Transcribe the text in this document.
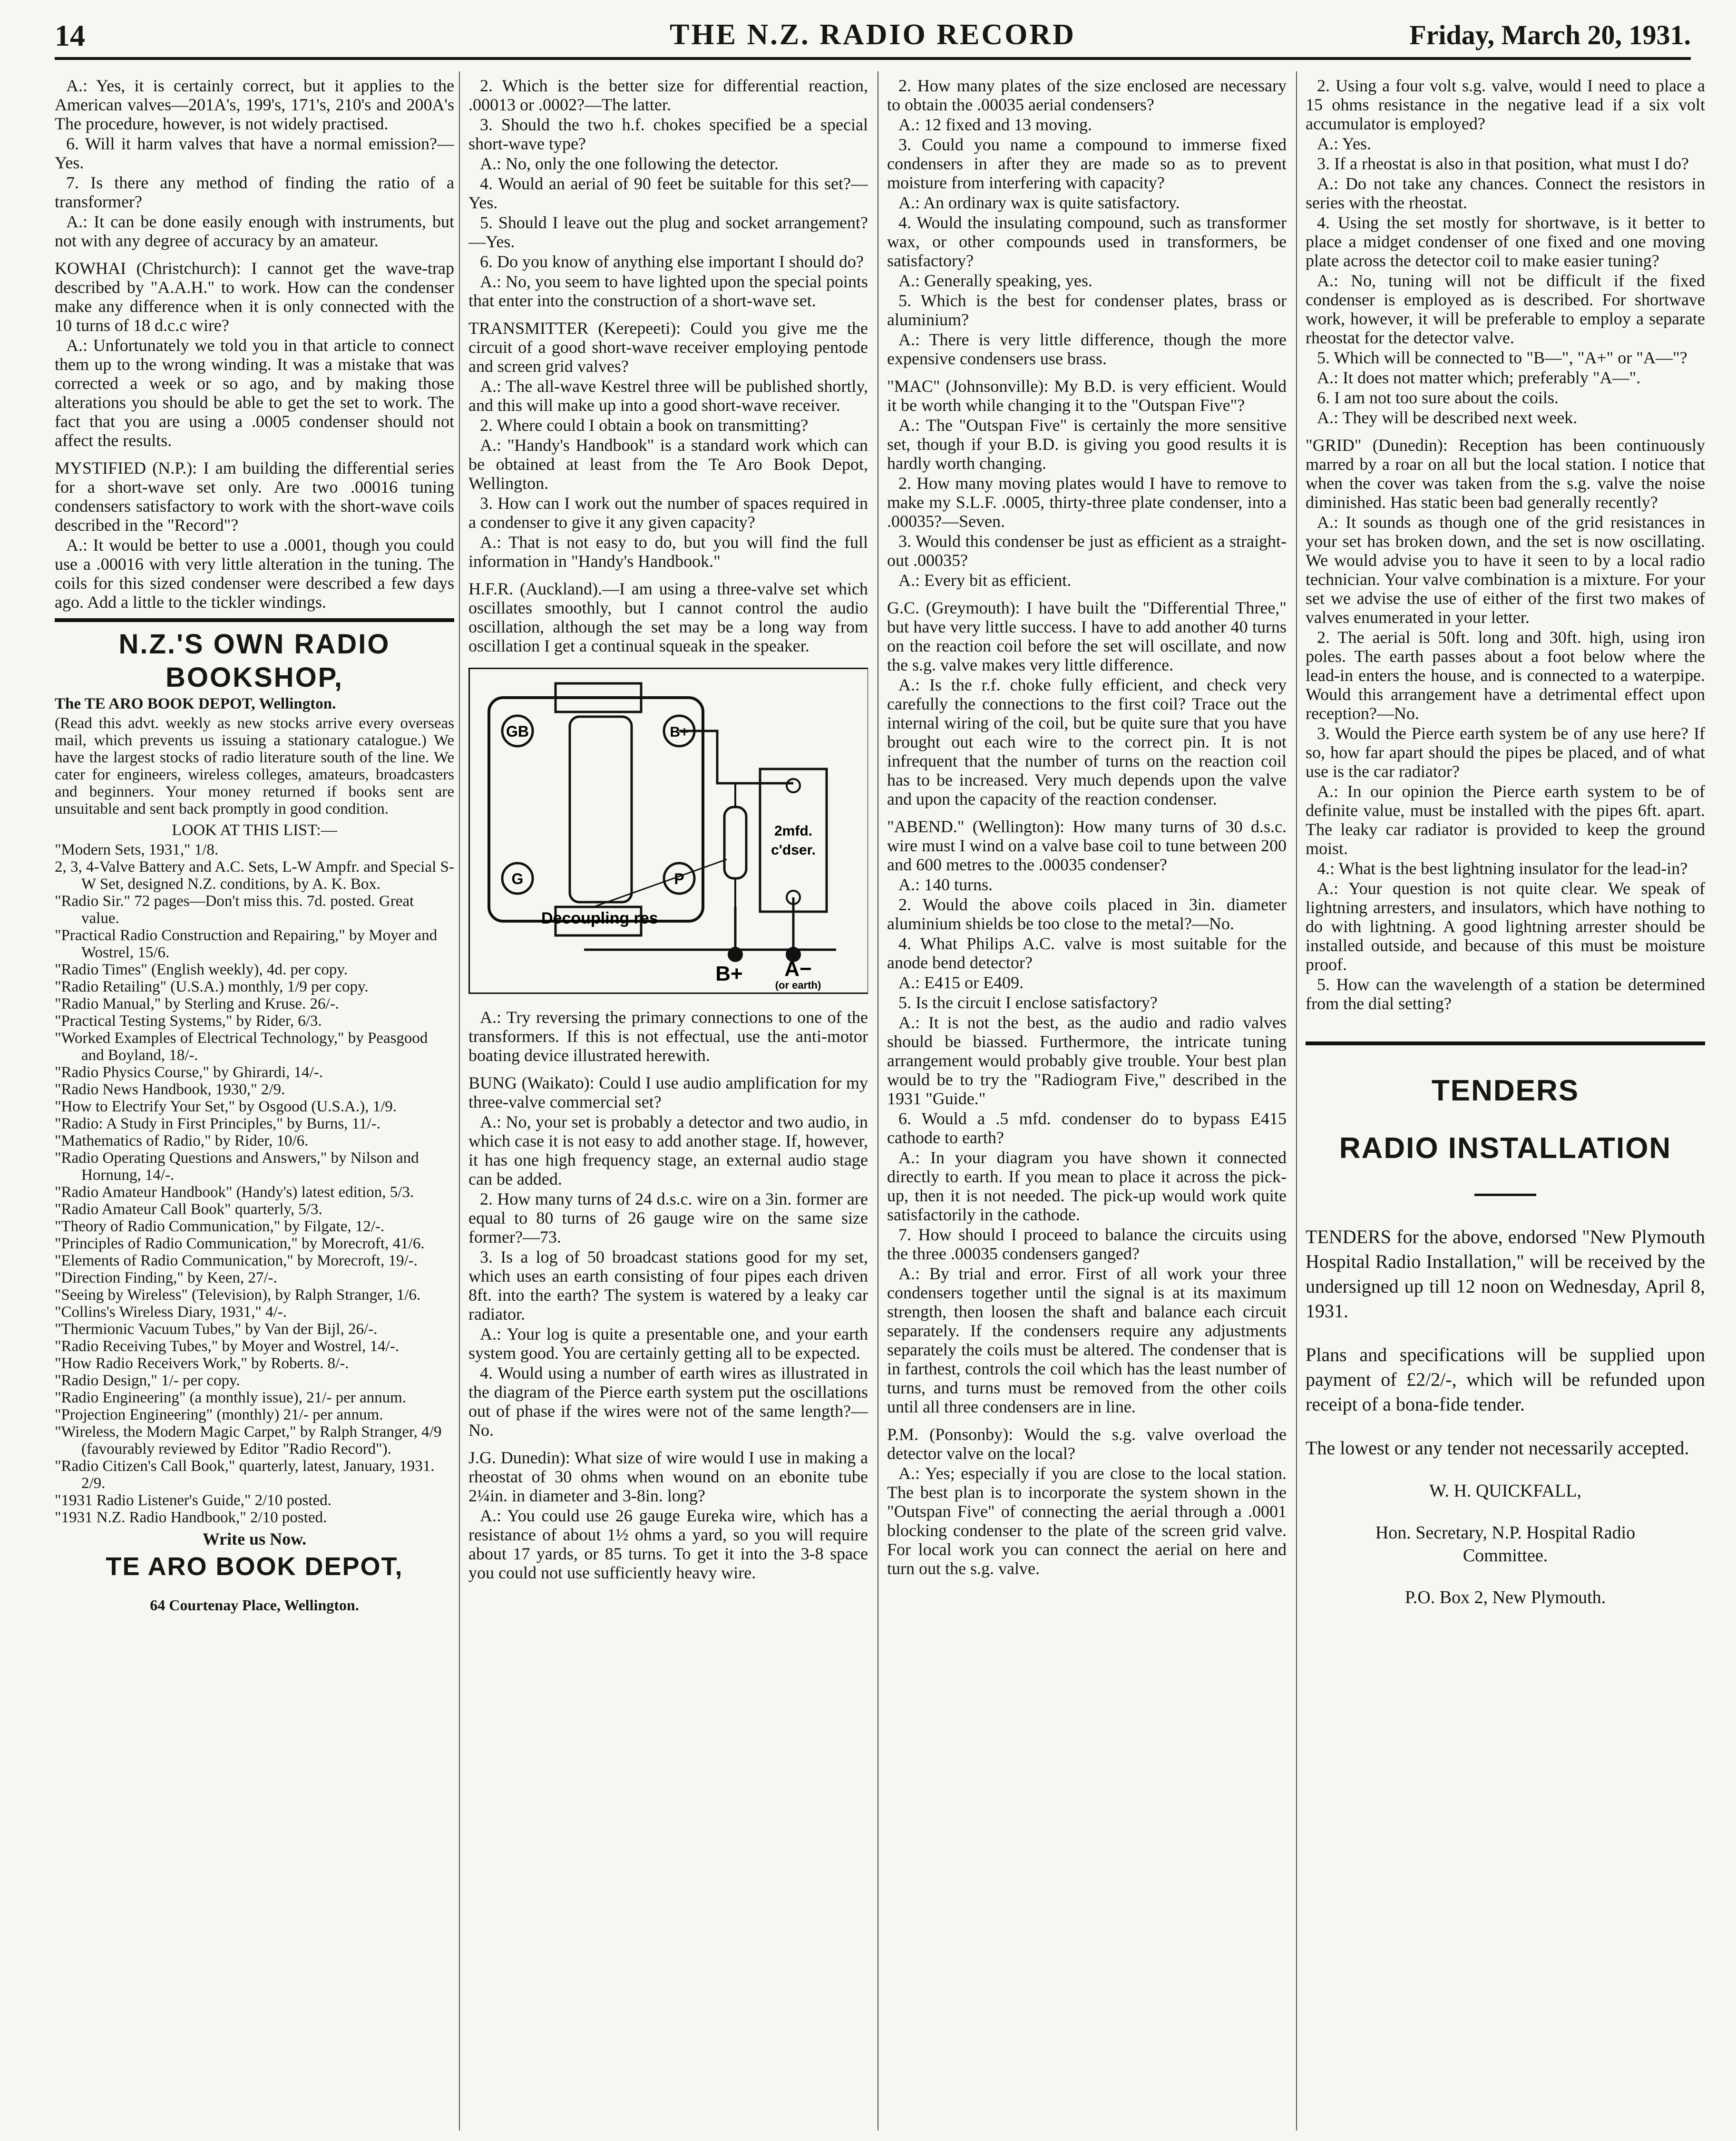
14	THE N.Z. RADIO RECORD	Friday, March 20, 1931.

A.: Yes, it is certainly correct, but it applies to the American valves—201A's, 199's, 171's, 210's and 200A's The procedure, however, is not widely practised.

6. Will it harm valves that have a normal emission?—Yes.

7. Is there any method of finding the ratio of a transformer?

A.: It can be done easily enough with instruments, but not with any degree of accuracy by an amateur.

KOWHAI (Christchurch): I cannot get the wave-trap described by "A.A.H." to work. How can the condenser make any difference when it is only connected with the 10 turns of 18 d.c.c wire?

A.: Unfortunately we told you in that article to connect them up to the wrong winding. It was a mistake that was corrected a week or so ago, and by making those alterations you should be able to get the set to work. The fact that you are using a .0005 condenser should not affect the results.

MYSTIFIED (N.P.): I am building the differential series for a short-wave set only. Are two .00016 tuning condensers satisfactory to work with the short-wave coils described in the "Record"?

A.: It would be better to use a .0001, though you could use a .00016 with very little alteration in the tuning. The coils for this sized condenser were described a few days ago. Add a little to the tickler windings.

N.Z.'S OWN RADIO

BOOKSHOP,

The TE ARO BOOK DEPOT, Wellington.

(Read this advt. weekly as new stocks arrive every overseas mail, which prevents us issuing a stationary catalogue.) We have the largest stocks of radio literature south of the line. We cater for engineers, wireless colleges, amateurs, broadcasters and beginners. Your money returned if books sent are unsuitable and sent back promptly in good condition.

LOOK AT THIS LIST:—

"Modern Sets, 1931," 1/8.
2, 3, 4-Valve Battery and A.C. Sets, L-W Ampfr. and Special S-W Set, designed N.Z. conditions, by A. K. Box.
"Radio Sir." 72 pages—Don't miss this. 7d. posted. Great value.
"Practical Radio Construction and Repairing," by Moyer and Wostrel, 15/6.
"Radio Times" (English weekly), 4d. per copy.
"Radio Retailing" (U.S.A.) monthly, 1/9 per copy.
"Radio Manual," by Sterling and Kruse. 26/-.
"Practical Testing Systems," by Rider, 6/3.
"Worked Examples of Electrical Technology," by Peasgood and Boyland, 18/-.
"Radio Physics Course," by Ghirardi, 14/-.
"Radio News Handbook, 1930," 2/9.
"How to Electrify Your Set," by Osgood (U.S.A.), 1/9.
"Radio: A Study in First Principles," by Burns, 11/-.
"Mathematics of Radio," by Rider, 10/6.
"Radio Operating Questions and Answers," by Nilson and Hornung, 14/-.
"Radio Amateur Handbook" (Handy's) latest edition, 5/3.
"Radio Amateur Call Book" quarterly, 5/3.
"Theory of Radio Communication," by Filgate, 12/-.
"Principles of Radio Communication," by Morecroft, 41/6.
"Elements of Radio Communication," by Morecroft, 19/-.
"Direction Finding," by Keen, 27/-.
"Seeing by Wireless" (Television), by Ralph Stranger, 1/6.
"Collins's Wireless Diary, 1931," 4/-.
"Thermionic Vacuum Tubes," by Van der Bijl, 26/-.
"Radio Receiving Tubes," by Moyer and Wostrel, 14/-.
"How Radio Receivers Work," by Roberts. 8/-.
"Radio Design," 1/- per copy.
"Radio Engineering" (a monthly issue), 21/- per annum.
"Projection Engineering" (monthly) 21/- per annum.
"Wireless, the Modern Magic Carpet," by Ralph Stranger, 4/9 (favourably reviewed by Editor "Radio Record").
"Radio Citizen's Call Book," quarterly, latest, January, 1931. 2/9.
"1931 Radio Listener's Guide," 2/10 posted.
"1931 N.Z. Radio Handbook," 2/10 posted.

Write us Now.

TE ARO BOOK DEPOT,

64 Courtenay Place, Wellington.

2. Which is the better size for differential reaction, .00013 or .0002?—The latter.

3. Should the two h.f. chokes specified be a special short-wave type?

A.: No, only the one following the detector.

4. Would an aerial of 90 feet be suitable for this set?—Yes.

5. Should I leave out the plug and socket arrangement?—Yes.

6. Do you know of anything else important I should do?

A.: No, you seem to have lighted upon the special points that enter into the construction of a short-wave set.

TRANSMITTER (Kerepeeti): Could you give me the circuit of a good short-wave receiver employing pentode and screen grid valves?

A.: The all-wave Kestrel three will be published shortly, and this will make up into a good short-wave receiver.

2. Where could I obtain a book on transmitting?

A.: "Handy's Handbook" is a standard work which can be obtained at least from the Te Aro Book Depot, Wellington.

3. How can I work out the number of spaces required in a condenser to give it any given capacity?

A.: That is not easy to do, but you will find the full information in "Handy's Handbook."

H.F.R. (Auckland).—I am using a three-valve set which oscillates smoothly, but I cannot control the audio oscillation, although the set may be a long way from oscillation I get a continual squeak in the speaker.

GB	B+
G	P
2mfd.
c'dser.
Decoupling res
B+ A−
(or earth)

A.: Try reversing the primary connections to one of the transformers. If this is not effectual, use the anti-motor boating device illustrated herewith.

BUNG (Waikato): Could I use audio amplification for my three-valve commercial set?

A.: No, your set is probably a detector and two audio, in which case it is not easy to add another stage. If, however, it has one high frequency stage, an external audio stage can be added.

2. How many turns of 24 d.s.c. wire on a 3in. former are equal to 80 turns of 26 gauge wire on the same size former?—73.

3. Is a log of 50 broadcast stations good for my set, which uses an earth consisting of four pipes each driven 8ft. into the earth? The system is watered by a leaky car radiator.

A.: Your log is quite a presentable one, and your earth system good. You are certainly getting all to be expected.

4. Would using a number of earth wires as illustrated in the diagram of the Pierce earth system put the oscillations out of phase if the wires were not of the same length?—No.

J.G. Dunedin): What size of wire would I use in making a rheostat of 30 ohms when wound on an ebonite tube 2¼in. in diameter and 3-8in. long?

A.: You could use 26 gauge Eureka wire, which has a resistance of about 1½ ohms a yard, so you will require about 17 yards, or 85 turns. To get it into the 3-8 space you could not use sufficiently heavy wire.

2. How many plates of the size enclosed are necessary to obtain the .00035 aerial condensers?

A.: 12 fixed and 13 moving.

3. Could you name a compound to immerse fixed condensers in after they are made so as to prevent moisture from interfering with capacity?

A.: An ordinary wax is quite satisfactory.

4. Would the insulating compound, such as transformer wax, or other compounds used in transformers, be satisfactory?

A.: Generally speaking, yes.

5. Which is the best for condenser plates, brass or aluminium?

A.: There is very little difference, though the more expensive condensers use brass.

"MAC" (Johnsonville): My B.D. is very efficient. Would it be worth while changing it to the "Outspan Five"?

A.: The "Outspan Five" is certainly the more sensitive set, though if your B.D. is giving you good results it is hardly worth changing.

2. How many moving plates would I have to remove to make my S.L.F. .0005, thirty-three plate condenser, into a .00035?—Seven.

3. Would this condenser be just as efficient as a straight-out .00035?

A.: Every bit as efficient.

G.C. (Greymouth): I have built the "Differential Three," but have very little success. I have to add another 40 turns on the reaction coil before the set will oscillate, and now the s.g. valve makes very little difference.

A.: Is the r.f. choke fully efficient, and check very carefully the connections to the first coil? Trace out the internal wiring of the coil, but be quite sure that you have brought out each wire to the correct pin. It is not infrequent that the number of turns on the reaction coil has to be increased. Very much depends upon the valve and upon the capacity of the reaction condenser.

"ABEND." (Wellington): How many turns of 30 d.s.c. wire must I wind on a valve base coil to tune between 200 and 600 metres to the .00035 condenser?

A.: 140 turns.

2. Would the above coils placed in 3in. diameter aluminium shields be too close to the metal?—No.

4. What Philips A.C. valve is most suitable for the anode bend detector?

A.: E415 or E409.

5. Is the circuit I enclose satisfactory?

A.: It is not the best, as the audio and radio valves should be biassed. Furthermore, the intricate tuning arrangement would probably give trouble. Your best plan would be to try the "Radiogram Five," described in the 1931 "Guide."

6. Would a .5 mfd. condenser do to bypass E415 cathode to earth?

A.: In your diagram you have shown it connected directly to earth. If you mean to place it across the pick-up, then it is not needed. The pick-up would work quite satisfactorily in the cathode.

7. How should I proceed to balance the circuits using the three .00035 condensers ganged?

A.: By trial and error. First of all work your three condensers together until the signal is at its maximum strength, then loosen the shaft and balance each circuit separately. If the condensers require any adjustments separately the coils must be altered. The condenser that is in farthest, controls the coil which has the least number of turns, and turns must be removed from the other coils until all three condensers are in line.

P.M. (Ponsonby): Would the s.g. valve overload the detector valve on the local?

A.: Yes; especially if you are close to the local station. The best plan is to incorporate the system shown in the "Outspan Five" of connecting the aerial through a .0001 blocking condenser to the plate of the screen grid valve. For local work you can connect the aerial on here and turn out the s.g. valve.

2. Using a four volt s.g. valve, would I need to place a 15 ohms resistance in the negative lead if a six volt accumulator is employed?

A.: Yes.

3. If a rheostat is also in that position, what must I do?

A.: Do not take any chances. Connect the resistors in series with the rheostat.

4. Using the set mostly for shortwave, is it better to place a midget condenser of one fixed and one moving plate across the detector coil to make easier tuning?

A.: No, tuning will not be difficult if the fixed condenser is employed as is described. For shortwave work, however, it will be preferable to employ a separate rheostat for the detector valve.

5. Which will be connected to "B—", "A+" or "A—"?

A.: It does not matter which; preferably "A—".

6. I am not too sure about the coils.

A.: They will be described next week.

"GRID" (Dunedin): Reception has been continuously marred by a roar on all but the local station. I notice that when the cover was taken from the s.g. valve the noise diminished. Has static been bad generally recently?

A.: It sounds as though one of the grid resistances in your set has broken down, and the set is now oscillating. We would advise you to have it seen to by a local radio technician. Your valve combination is a mixture. For your set we advise the use of either of the first two makes of valves enumerated in your letter.

2. The aerial is 50ft. long and 30ft. high, using iron poles. The earth passes about a foot below where the lead-in enters the house, and is connected to a waterpipe. Would this arrangement have a detrimental effect upon reception?—No.

3. Would the Pierce earth system be of any use here? If so, how far apart should the pipes be placed, and of what use is the car radiator?

A.: In our opinion the Pierce earth system to be of definite value, must be installed with the pipes 6ft. apart. The leaky car radiator is provided to keep the ground moist.

4.: What is the best lightning insulator for the lead-in?

A.: Your question is not quite clear. We speak of lightning arresters, and insulators, which have nothing to do with lightning. A good lightning arrester should be installed outside, and because of this must be moisture proof.

5. How can the wavelength of a station be determined from the dial setting?

TENDERS

RADIO INSTALLATION

TENDERS for the above, endorsed "New Plymouth Hospital Radio Installation," will be received by the undersigned up till 12 noon on Wednesday, April 8, 1931.

Plans and specifications will be supplied upon payment of £2/2/-, which will be refunded upon receipt of a bona-fide tender.

The lowest or any tender not necessarily accepted.

W. H. QUICKFALL,

Hon. Secretary, N.P. Hospital Radio

Committee.

P.O. Box 2, New Plymouth.
